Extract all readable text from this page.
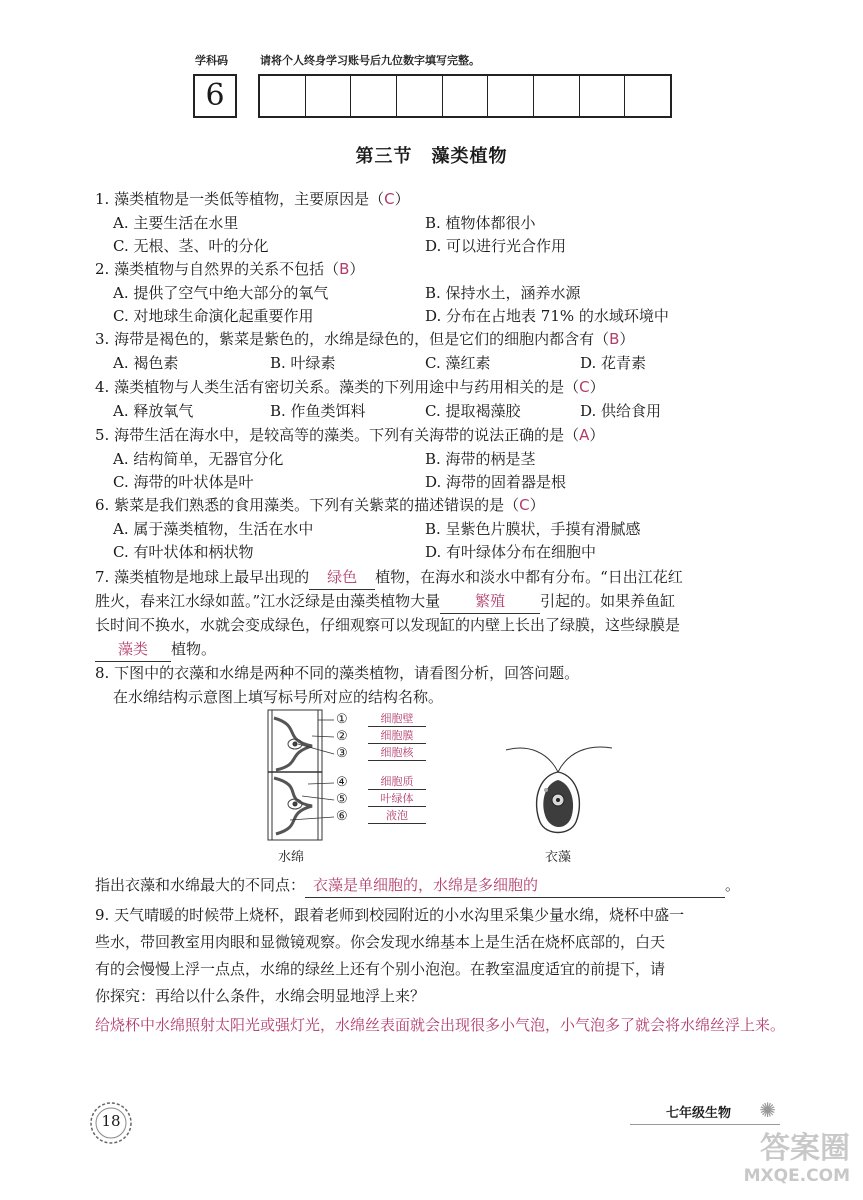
学科码	请将个人终身学习账号后九位数字填写完整。
6
第三节　藻类植物
1. 藻类植物是一类低等植物，主要原因是（C）
A. 主要生活在水里	B. 植物体都很小
C. 无根、茎、叶的分化	D. 可以进行光合作用
2. 藻类植物与自然界的关系不包括（B）
A. 提供了空气中绝大部分的氧气	B. 保持水土，涵养水源
C. 对地球生命演化起重要作用	D. 分布在占地表 71% 的水域环境中
3. 海带是褐色的，紫菜是紫色的，水绵是绿色的，但是它们的细胞内都含有（B）
A. 褐色素	B. 叶绿素	C. 藻红素	D. 花青素
4. 藻类植物与人类生活有密切关系。藻类的下列用途中与药用相关的是（C）
A. 释放氧气	B. 作鱼类饵料	C. 提取褐藻胶	D. 供给食用
5. 海带生活在海水中，是较高等的藻类。下列有关海带的说法正确的是（A）
A. 结构简单，无器官分化	B. 海带的柄是茎
C. 海带的叶状体是叶	D. 海带的固着器是根
6. 紫菜是我们熟悉的食用藻类。下列有关紫菜的描述错误的是（C）
A. 属于藻类植物，生活在水中	B. 呈紫色片膜状，手摸有滑腻感
C. 有叶状体和柄状物	D. 有叶绿体分布在细胞中
7. 藻类植物是地球上最早出现的 绿色 植物，在海水和淡水中都有分布。“日出江花红
胜火，春来江水绿如蓝。”江水泛绿是由藻类植物大量 繁殖 引起的。如果养鱼缸
长时间不换水，水就会变成绿色，仔细观察可以发现缸的内壁上长出了绿膜，这些绿膜是
藻类 植物。
8. 下图中的衣藻和水绵是两种不同的藻类植物，请看图分析，回答问题。
在水绵结构示意图上填写标号所对应的结构名称。
①
②
③
④
⑤
⑥
细胞壁
细胞膜
细胞核
细胞质
叶绿体
液泡
水绵	衣藻
指出衣藻和水绵最大的不同点： 衣藻是单细胞的，水绵是多细胞的	。
9. 天气晴暖的时候带上烧杯，跟着老师到校园附近的小水沟里采集少量水绵，烧杯中盛一
些水，带回教室用肉眼和显微镜观察。你会发现水绵基本上是生活在烧杯底部的，白天
有的会慢慢上浮一点点，水绵的绿丝上还有个别小泡泡。在教室温度适宜的前提下，请
你探究：再给以什么条件，水绵会明显地浮上来？
给烧杯中水绵照射太阳光或强灯光，水绵丝表面就会出现很多小气泡，小气泡多了就会将水绵丝浮上来。
18	七年级生物 ✺
答案圈
MXQE.COM
